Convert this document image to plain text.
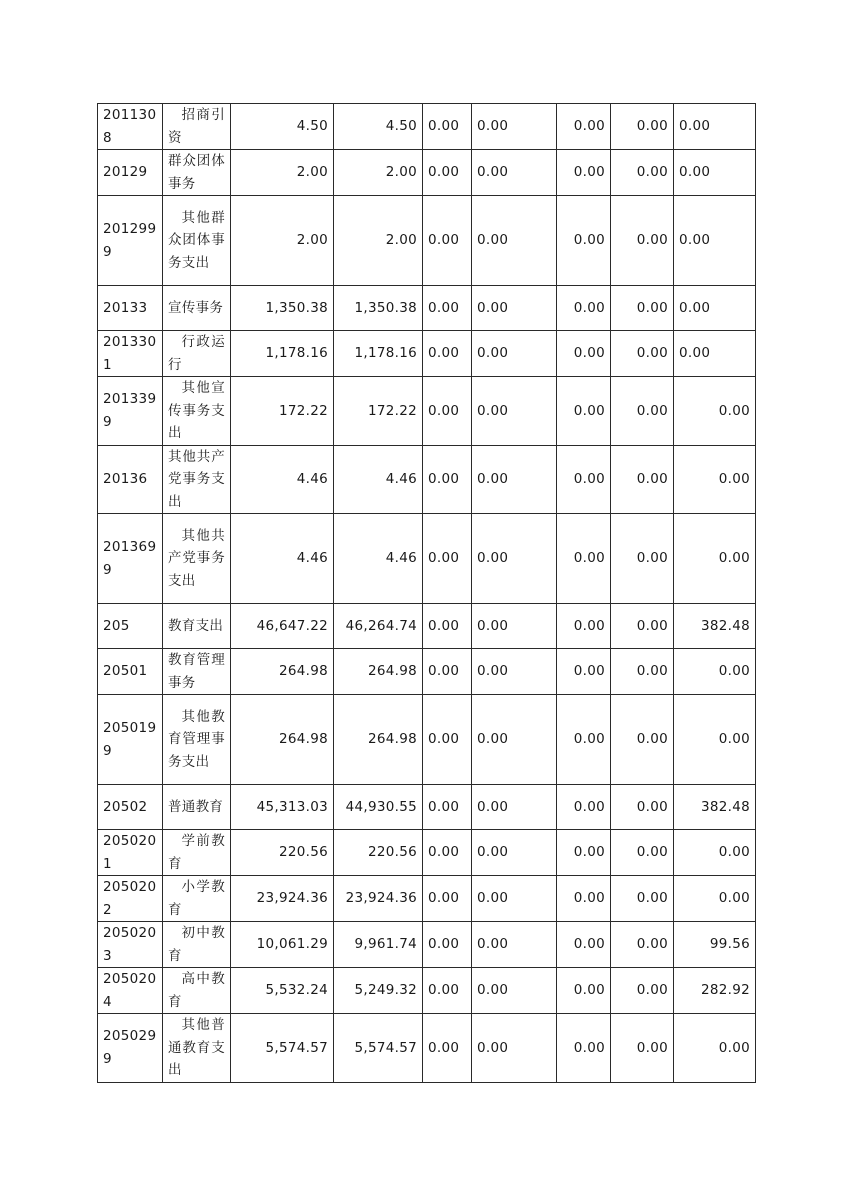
2011308	招商引资	4.50	4.50	0.00	0.00	0.00	0.00	0.00
20129	群众团体事务	2.00	2.00	0.00	0.00	0.00	0.00	0.00
2012999	其他群众团体事务支出	2.00	2.00	0.00	0.00	0.00	0.00	0.00
20133	宣传事务	1,350.38	1,350.38	0.00	0.00	0.00	0.00	0.00
2013301	行政运行	1,178.16	1,178.16	0.00	0.00	0.00	0.00	0.00
2013399	其他宣传事务支出	172.22	172.22	0.00	0.00	0.00	0.00	0.00
20136	其他共产党事务支出	4.46	4.46	0.00	0.00	0.00	0.00	0.00
2013699	其他共产党事务支出	4.46	4.46	0.00	0.00	0.00	0.00	0.00
205	教育支出	46,647.22	46,264.74	0.00	0.00	0.00	0.00	382.48
20501	教育管理事务	264.98	264.98	0.00	0.00	0.00	0.00	0.00
2050199	其他教育管理事务支出	264.98	264.98	0.00	0.00	0.00	0.00	0.00
20502	普通教育	45,313.03	44,930.55	0.00	0.00	0.00	0.00	382.48
2050201	学前教育	220.56	220.56	0.00	0.00	0.00	0.00	0.00
2050202	小学教育	23,924.36	23,924.36	0.00	0.00	0.00	0.00	0.00
2050203	初中教育	10,061.29	9,961.74	0.00	0.00	0.00	0.00	99.56
2050204	高中教育	5,532.24	5,249.32	0.00	0.00	0.00	0.00	282.92
2050299	其他普通教育支出	5,574.57	5,574.57	0.00	0.00	0.00	0.00	0.00
